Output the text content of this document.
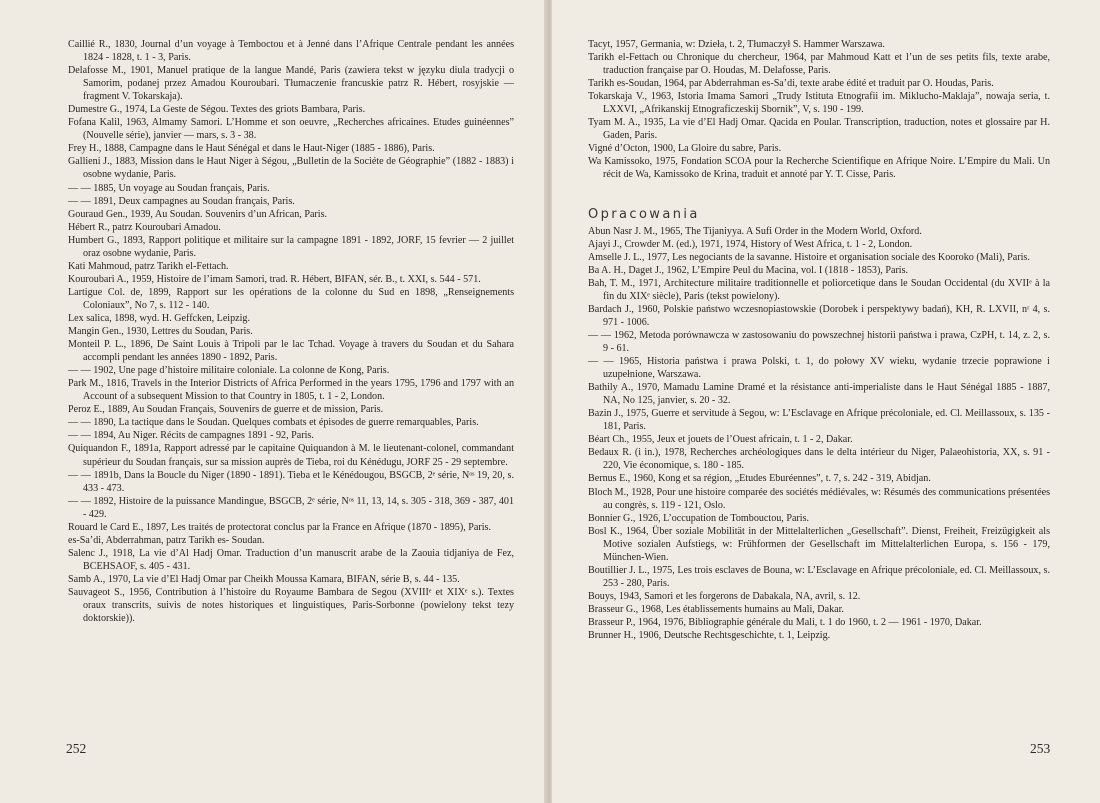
Caillié R., 1830, Journal d’un voyage à Temboctou et à Jenné dans l’Afrique Centrale pendant les années 1824 - 1828, t. 1 - 3, Paris.

Delafosse M., 1901, Manuel pratique de la langue Mandé, Paris (zawiera tekst w języku diula tradycji o Samorim, podanej przez Amadou Kouroubari. Tłumaczenie francuskie patrz R. Hébert, rosyjskie — fragment V. Tokarskaja).

Dumestre G., 1974, La Geste de Ségou. Textes des griots Bambara, Paris.

Fofana Kalil, 1963, Almamy Samori. L’Homme et son oeuvre, „Recherches africaines. Etudes guinéennes” (Nouvelle série), janvier — mars, s. 3 - 38.

Frey H., 1888, Campagne dans le Haut Sénégal et dans le Haut-Niger (1885 - 1886), Paris.

Gallieni J., 1883, Mission dans le Haut Niger à Ségou, „Bulletin de la Sociéte de Géographie” (1882 - 1883) i osobne wydanie, Paris.

— — 1885, Un voyage au Soudan français, Paris.

— — 1891, Deux campagnes au Soudan français, Paris.

Gouraud Gen., 1939, Au Soudan. Souvenirs d’un African, Paris.

Hébert R., patrz Kouroubari Amadou.

Humbert G., 1893, Rapport politique et militaire sur la campagne 1891 - 1892, JORF, 15 fevrier — 2 juillet oraz osobne wydanie, Paris.

Kati Mahmoud, patrz Tarikh el-Fettach.

Kouroubari A., 1959, Histoire de l’imam Samori, trad. R. Hébert, BIFAN, sér. B., t. XXI, s. 544 - 571.

Lartigue Col. de, 1899, Rapport sur les opérations de la colonne du Sud en 1898, „Renseignements Coloniaux”, No 7, s. 112 - 140.

Lex salica, 1898, wyd. H. Geffcken, Leipzig.

Mangin Gen., 1930, Lettres du Soudan, Paris.

Monteil P. L., 1896, De Saint Louis à Tripoli par le lac Tchad. Voyage à travers du Soudan et du Sahara accompli pendant les années 1890 - 1892, Paris.

— — 1902, Une page d’histoire militaire coloniale. La colonne de Kong, Paris.

Park M., 1816, Travels in the Interior Districts of Africa Performed in the years 1795, 1796 and 1797 with an Account of a subsequent Mission to that Country in 1805, t. 1 - 2, London.

Peroz E., 1889, Au Soudan Français, Souvenirs de guerre et de mission, Paris.

— — 1890, La tactique dans le Soudan. Quelques combats et épisodes de guerre remarquables, Paris.

— — 1894, Au Niger. Récits de campagnes 1891 - 92, Paris.

Quiquandon F., 1891a, Rapport adressé par le capitaine Quiquandon à M. le lieutenant-colonel, commandant supérieur du Soudan français, sur sa mission auprès de Tieba, roi du Kénédugu, JORF 25 - 29 septembre.

— — 1891b, Dans la Boucle du Niger (1890 - 1891). Tieba et le Kénédougou, BSGCB, 2ᵉ série, Nᵒˢ 19, 20, s. 433 - 473.

— — 1892, Histoire de la puissance Mandingue, BSGCB, 2ᵉ série, Nᵒˢ 11, 13, 14, s. 305 - 318, 369 - 387, 401 - 429.

Rouard le Card E., 1897, Les traités de protectorat conclus par la France en Afrique (1870 - 1895), Paris.

es-Sa’di, Abderrahman, patrz Tarikh es- Soudan.

Salenc J., 1918, La vie d’Al Hadj Omar. Traduction d’un manuscrit arabe de la Zaouia tidjaniya de Fez, BCEHSAOF, s. 405 - 431.

Samb A., 1970, La vie d’El Hadj Omar par Cheikh Moussa Kamara, BIFAN, série B, s. 44 - 135.

Sauvageot S., 1956, Contribution à l’histoire du Royaume Bambara de Segou (XVIIIᵉ et XIXᵉ s.). Textes oraux transcrits, suivis de notes historiques et linguistiques, Paris-Sorbonne (powielony tekst tezy doktorskie)).

252

Tacyt, 1957, Germania, w: Dzieła, t. 2, Tłumaczył S. Hammer Warszawa.

Tarikh el-Fettach ou Chronique du chercheur, 1964, par Mahmoud Katt et l’un de ses petits fils, texte arabe, traduction française par O. Houdas, M. Delafosse, Paris.

Tarikh es-Soudan, 1964, par Abderrahman es-Sa’di, texte arabe édité et traduit par O. Houdas, Paris.

Tokarskaja V., 1963, Istoria Imama Samori „Trudy Istituta Etnografii im. Miklucho-Maklaja”, nowaja seria, t. LXXVI, „Afrikanskij Etnograficzeskij Sbornik”, V, s. 190 - 199.

Tyam M. A., 1935, La vie d’El Hadj Omar. Qacida en Poular. Transcription, traduction, notes et glossaire par H. Gaden, Paris.

Vigné d’Octon, 1900, La Gloire du sabre, Paris.

Wa Kamissoko, 1975, Fondation SCOA pour la Recherche Scientifique en Afrique Noire. L’Empire du Mali. Un récit de Wa, Kamissoko de Krina, traduit et annoté par Y. T. Cisse, Paris.

Opracowania

Abun Nasr J. M., 1965, The Tijaniyya. A Sufi Order in the Modern World, Oxford.

Ajayi J., Crowder M. (ed.), 1971, 1974, History of West Africa, t. 1 - 2, London.

Amselle J. L., 1977, Les negociants de la savanne. Histoire et organisation sociale des Kooroko (Mali), Paris.

Ba A. H., Daget J., 1962, L’Empire Peul du Macina, vol. I (1818 - 1853), Paris.

Bah, T. M., 1971, Architecture militaire traditionnelle et poliorcetique dans le Soudan Occidental (du XVIIᵉ à la fin du XIXᵉ siècle), Paris (tekst powielony).

Bardach J., 1960, Polskie państwo wczesnopiastowskie (Dorobek i perspektywy badań), KH, R. LXVII, nʳ 4, s. 971 - 1006.

— — 1962, Metoda porównawcza w zastosowaniu do powszechnej historii państwa i prawa, CzPH, t. 14, z. 2, s. 9 - 61.

— — 1965, Historia państwa i prawa Polski, t. 1, do połowy XV wieku, wydanie trzecie poprawione i uzupełnione, Warszawa.

Bathily A., 1970, Mamadu Lamine Dramé et la résistance anti-imperialiste dans le Haut Sénégal 1885 - 1887, NA, No 125, janvier, s. 20 - 32.

Bazin J., 1975, Guerre et servitude à Segou, w: L’Esclavage en Afrique précoloniale, ed. Cl. Meillassoux, s. 135 - 181, Paris.

Béart Ch., 1955, Jeux et jouets de l’Ouest africain, t. 1 - 2, Dakar.

Bedaux R. (i in.), 1978, Recherches archéologiques dans le delta intérieur du Niger, Palaeohistoria, XX, s. 91 - 220, Vie économique, s. 180 - 185.

Bernus E., 1960, Kong et sa région, „Etudes Eburéennes”, t. 7, s. 242 - 319, Abidjan.

Bloch M., 1928, Pour une histoire comparée des sociétés médiévales, w: Résumés des communications présentées au congrès, s. 119 - 121, Oslo.

Bonnier G., 1926, L’occupation de Tombouctou, Paris.

Bosl K., 1964, Über soziale Mobilität in der Mittelalterlichen „Gesellschaft”. Dienst, Freiheit, Freizügigkeit als Motive sozialen Aufstiegs, w: Frühformen der Gesellschaft im Mittelalterlichen Europa, s. 156 - 179, München-Wien.

Boutillier J. L., 1975, Les trois esclaves de Bouna, w: L’Esclavage en Afrique précoloniale, ed. Cl. Meillassoux, s. 253 - 280, Paris.

Bouys, 1943, Samori et les forgerons de Dabakala, NA, avril, s. 12.

Brasseur G., 1968, Les établissements humains au Mali, Dakar.

Brasseur P., 1964, 1976, Bibliographie générale du Mali, t. 1 do 1960, t. 2 — 1961 - 1970, Dakar.

Brunner H., 1906, Deutsche Rechtsgeschichte, t. 1, Leipzig.

253
